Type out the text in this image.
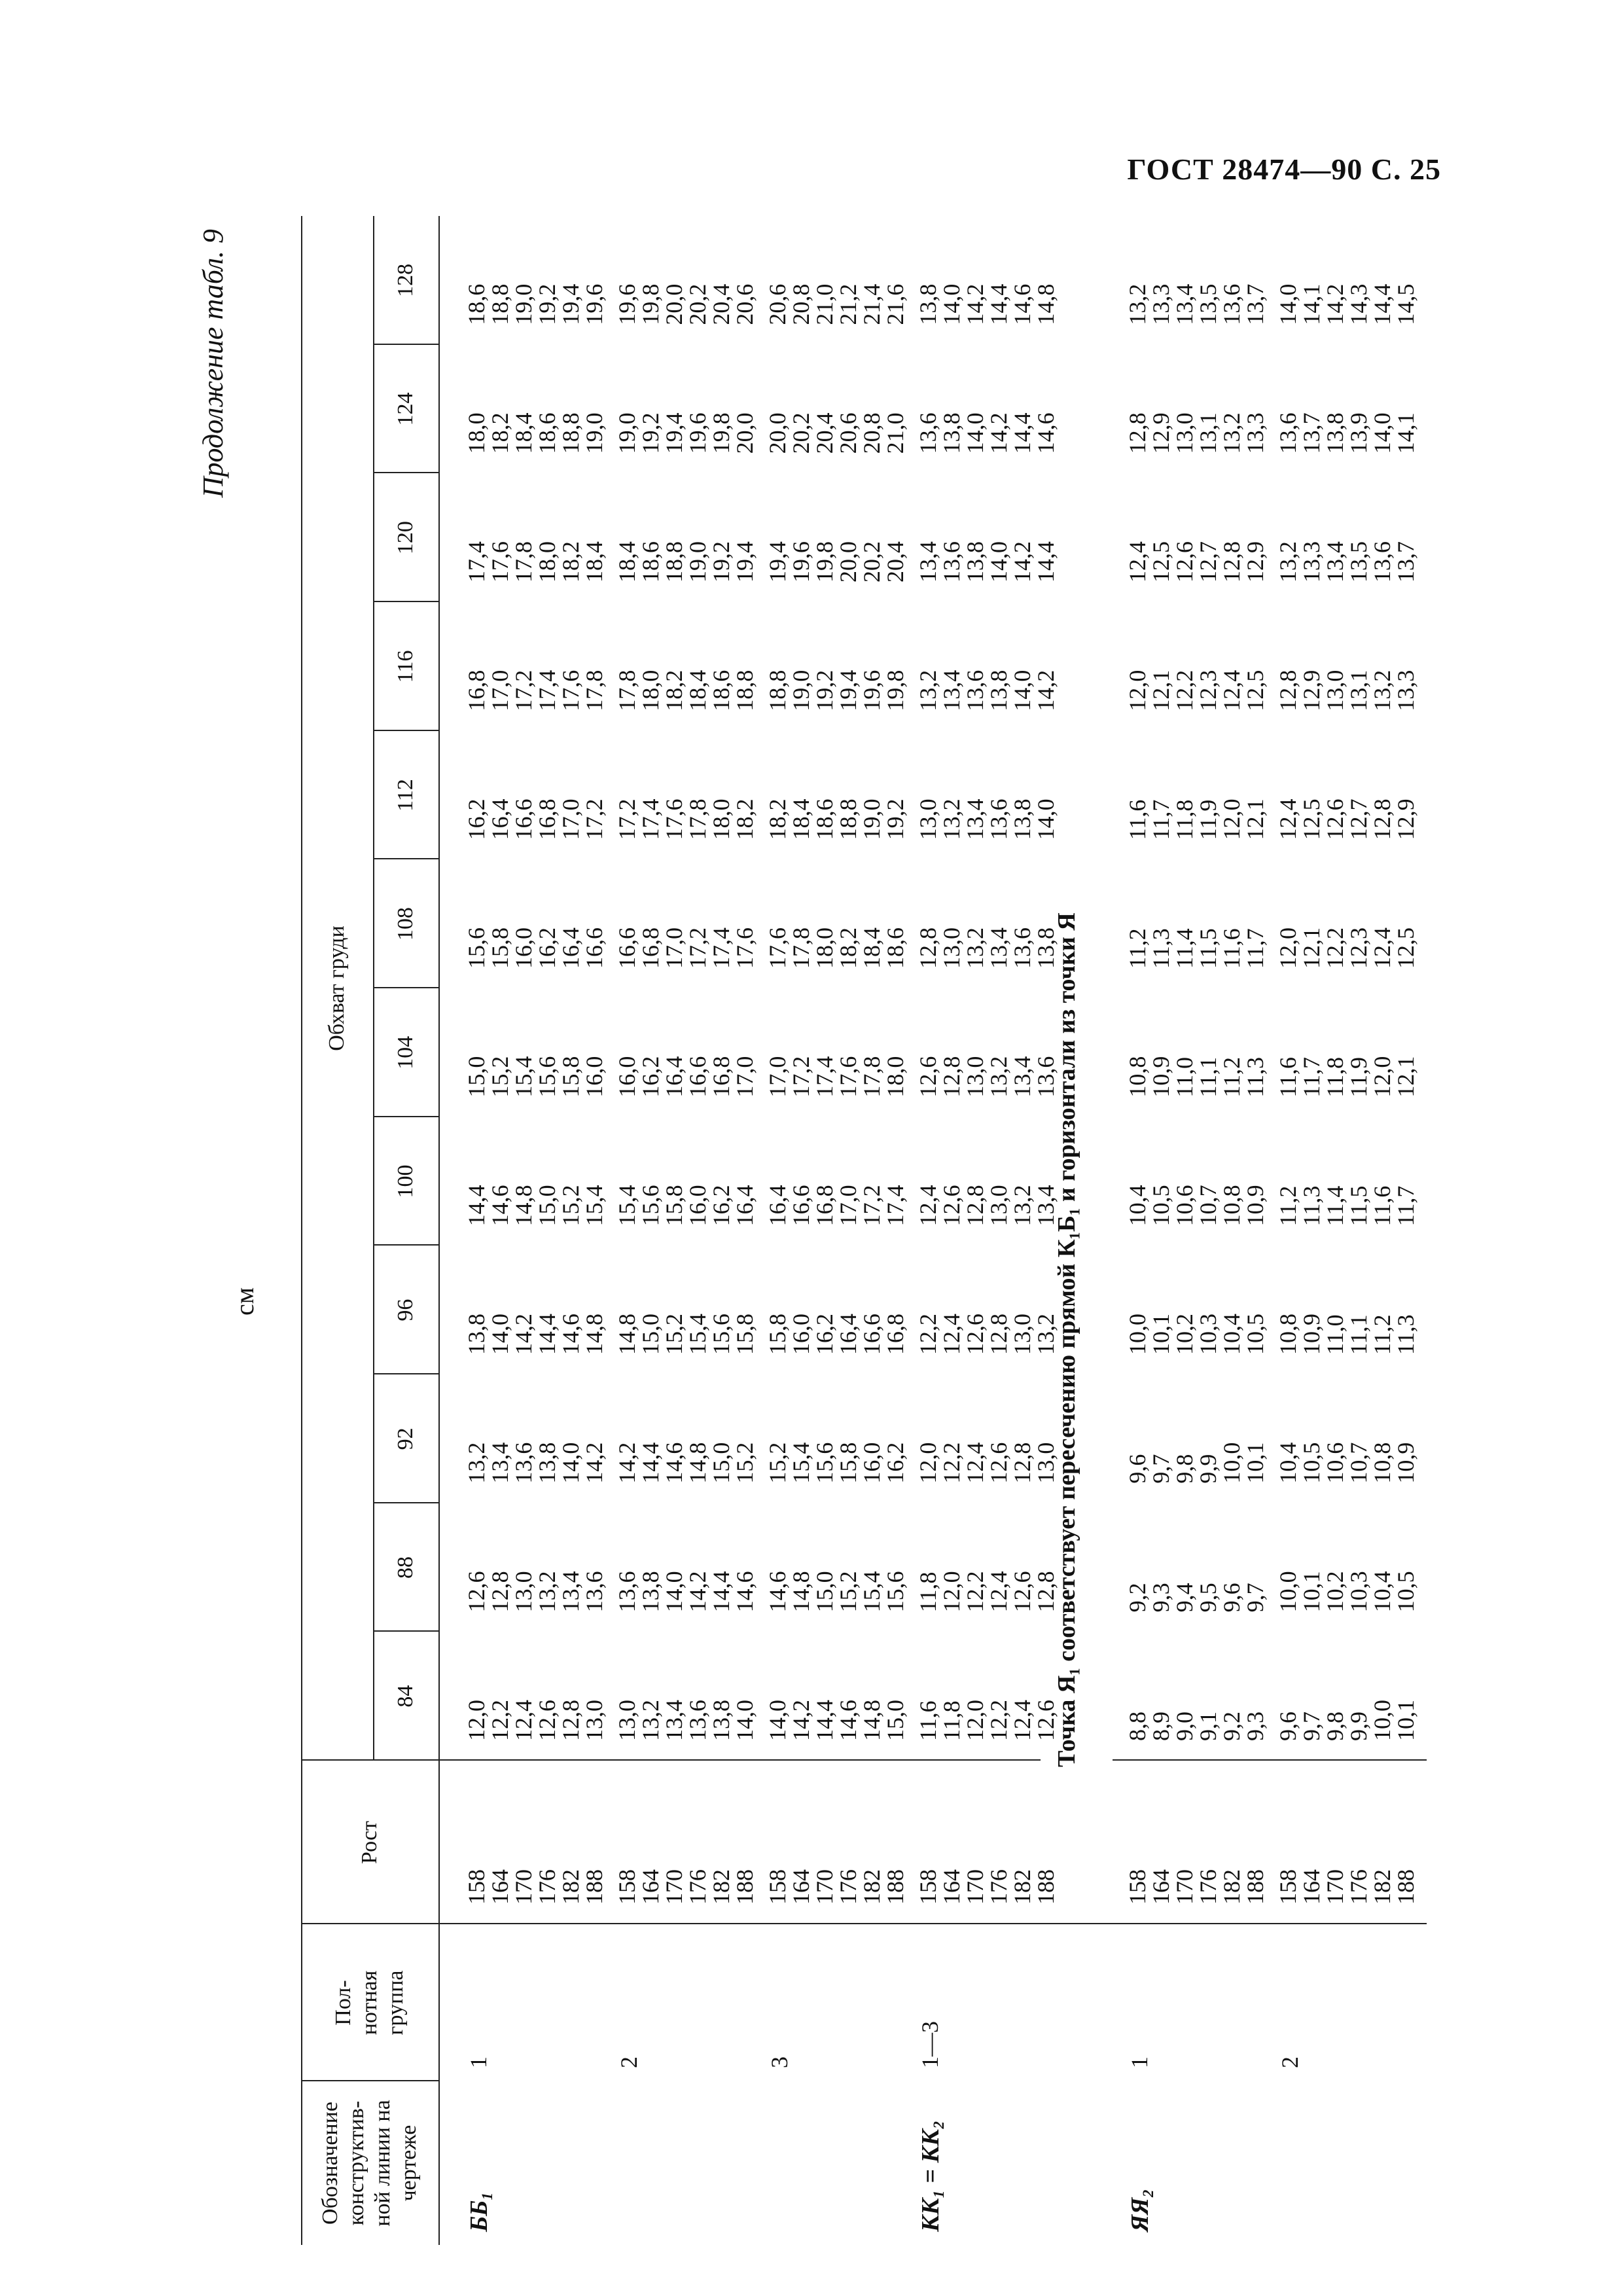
ГОСТ 28474—90 С. 25
Продолжение табл. 9
см
Обозначение
конструктив-
ной линии на
чертеже
Пол-
нотная
группа
Рост
Обхват груди
84
88
92
96
100
104
108
112
116
120
124
128
ББ₁
1
158
164
170
176
182
188
12,0
12,2
12,4
12,6
12,8
13,0
12,6
12,8
13,0
13,2
13,4
13,6
13,2
13,4
13,6
13,8
14,0
14,2
13,8
14,0
14,2
14,4
14,6
14,8
14,4
14,6
14,8
15,0
15,2
15,4
15,0
15,2
15,4
15,6
15,8
16,0
15,6
15,8
16,0
16,2
16,4
16,6
16,2
16,4
16,6
16,8
17,0
17,2
16,8
17,0
17,2
17,4
17,6
17,8
17,4
17,6
17,8
18,0
18,2
18,4
18,0
18,2
18,4
18,6
18,8
19,0
18,6
18,8
19,0
19,2
19,4
19,6
2
158
164
170
176
182
188
13,0
13,2
13,4
13,6
13,8
14,0
13,6
13,8
14,0
14,2
14,4
14,6
14,2
14,4
14,6
14,8
15,0
15,2
14,8
15,0
15,2
15,4
15,6
15,8
15,4
15,6
15,8
16,0
16,2
16,4
16,0
16,2
16,4
16,6
16,8
17,0
16,6
16,8
17,0
17,2
17,4
17,6
17,2
17,4
17,6
17,8
18,0
18,2
17,8
18,0
18,2
18,4
18,6
18,8
18,4
18,6
18,8
19,0
19,2
19,4
19,0
19,2
19,4
19,6
19,8
20,0
19,6
19,8
20,0
20,2
20,4
20,6
3
158
164
170
176
182
188
14,0
14,2
14,4
14,6
14,8
15,0
14,6
14,8
15,0
15,2
15,4
15,6
15,2
15,4
15,6
15,8
16,0
16,2
15,8
16,0
16,2
16,4
16,6
16,8
16,4
16,6
16,8
17,0
17,2
17,4
17,0
17,2
17,4
17,6
17,8
18,0
17,6
17,8
18,0
18,2
18,4
18,6
18,2
18,4
18,6
18,8
19,0
19,2
18,8
19,0
19,2
19,4
19,6
19,8
19,4
19,6
19,8
20,0
20,2
20,4
20,0
20,2
20,4
20,6
20,8
21,0
20,6
20,8
21,0
21,2
21,4
21,6
КК₁ = КК₂
1—3
158
164
170
176
182
188
11,6
11,8
12,0
12,2
12,4
12,6
11,8
12,0
12,2
12,4
12,6
12,8
12,0
12,2
12,4
12,6
12,8
13,0
12,2
12,4
12,6
12,8
13,0
13,2
12,4
12,6
12,8
13,0
13,2
13,4
12,6
12,8
13,0
13,2
13,4
13,6
12,8
13,0
13,2
13,4
13,6
13,8
13,0
13,2
13,4
13,6
13,8
14,0
13,2
13,4
13,6
13,8
14,0
14,2
13,4
13,6
13,8
14,0
14,2
14,4
13,6
13,8
14,0
14,2
14,4
14,6
13,8
14,0
14,2
14,4
14,6
14,8
Точка Я₁ соответствует пересечению прямой К₁Б₁ и горизонтали из точки Я
ЯЯ₂
1
158
164
170
176
182
188
8,8
8,9
9,0
9,1
9,2
9,3
9,2
9,3
9,4
9,5
9,6
9,7
9,6
9,7
9,8
9,9
10,0
10,1
10,0
10,1
10,2
10,3
10,4
10,5
10,4
10,5
10,6
10,7
10,8
10,9
10,8
10,9
11,0
11,1
11,2
11,3
11,2
11,3
11,4
11,5
11,6
11,7
11,6
11,7
11,8
11,9
12,0
12,1
12,0
12,1
12,2
12,3
12,4
12,5
12,4
12,5
12,6
12,7
12,8
12,9
12,8
12,9
13,0
13,1
13,2
13,3
13,2
13,3
13,4
13,5
13,6
13,7
2
158
164
170
176
182
188
9,6
9,7
9,8
9,9
10,0
10,1
10,0
10,1
10,2
10,3
10,4
10,5
10,4
10,5
10,6
10,7
10,8
10,9
10,8
10,9
11,0
11,1
11,2
11,3
11,2
11,3
11,4
11,5
11,6
11,7
11,6
11,7
11,8
11,9
12,0
12,1
12,0
12,1
12,2
12,3
12,4
12,5
12,4
12,5
12,6
12,7
12,8
12,9
12,8
12,9
13,0
13,1
13,2
13,3
13,2
13,3
13,4
13,5
13,6
13,7
13,6
13,7
13,8
13,9
14,0
14,1
14,0
14,1
14,2
14,3
14,4
14,5
